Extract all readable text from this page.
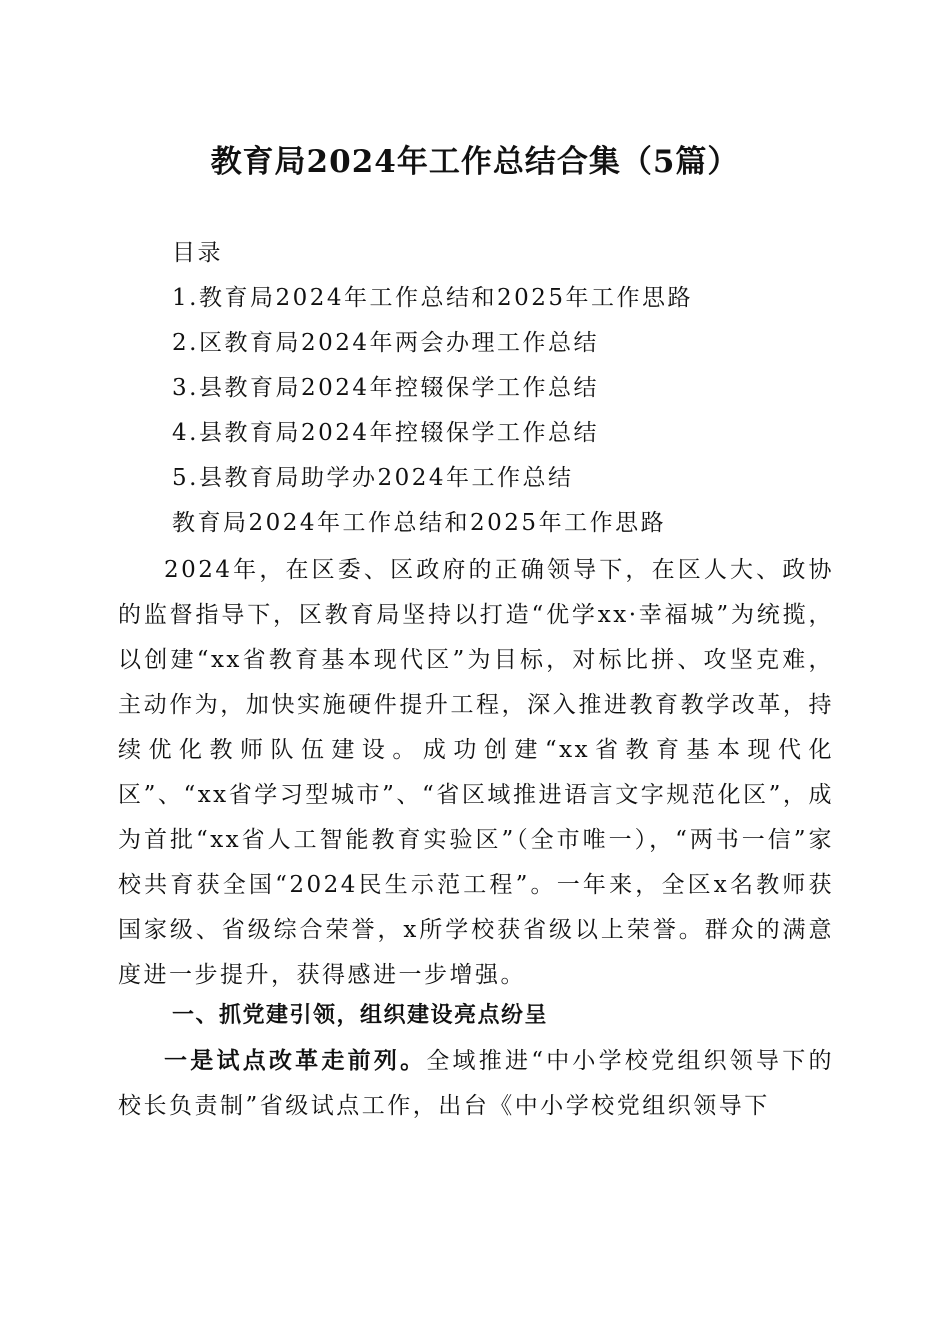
教育局2024年工作总结合集（5篇）
目录
1.教育局2024年工作总结和2025年工作思路
2.区教育局2024年两会办理工作总结
3.县教育局2024年控辍保学工作总结
4.县教育局2024年控辍保学工作总结
5.县教育局助学办2024年工作总结
教育局2024年工作总结和2025年工作思路

2024年，在区委、区政府的正确领导下，在区人大、政协的监督指导下，区教育局坚持以打造“优学xx·幸福城”为统揽，以创建“xx省教育基本现代区”为目标，对标比拼、攻坚克难，主动作为，加快实施硬件提升工程，深入推进教育教学改革，持续优化教师队伍建设。成功创建“xx省教育基本现代化区”、“xx省学习型城市”、“省区域推进语言文字规范化区”，成为首批“xx省人工智能教育实验区”（全市唯一），“两书一信”家校共育获全国“2024民生示范工程”。一年来，全区x名教师获国家级、省级综合荣誉，x所学校获省级以上荣誉。群众的满意度进一步提升，获得感进一步增强。

一、抓党建引领，组织建设亮点纷呈

一是试点改革走前列。全域推进“中小学校党组织领导下的校长负责制”省级试点工作，出台《中小学校党组织领导下
